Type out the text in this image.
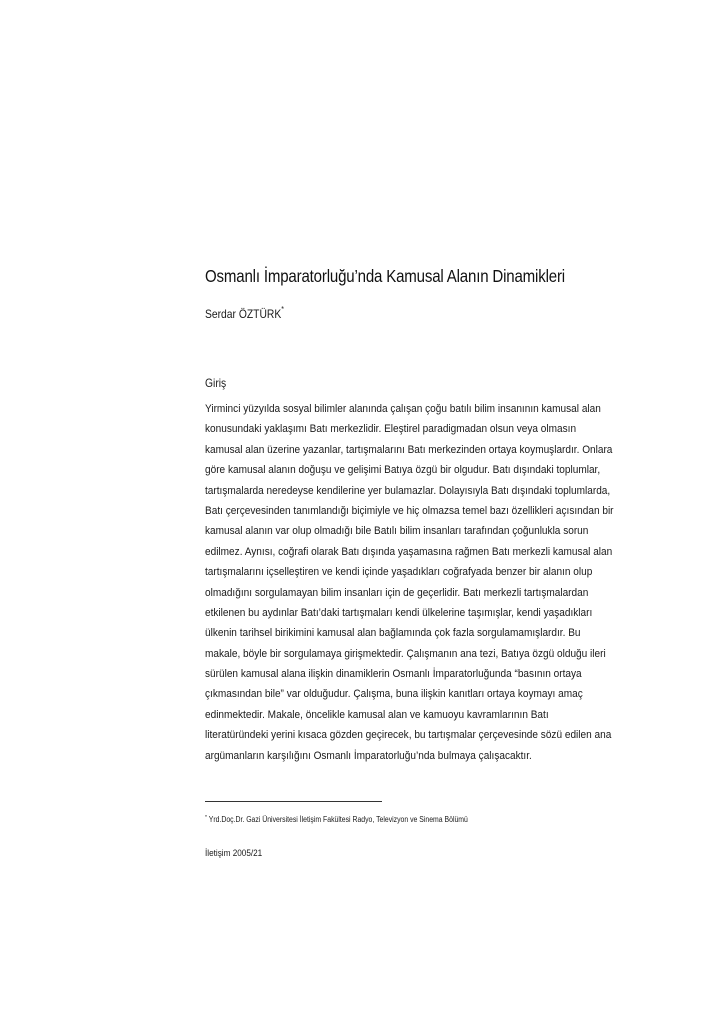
Osmanlı İmparatorluğu’nda Kamusal Alanın Dinamikleri
Serdar ÖZTÜRK*
Giriş
Yirminci yüzyılda sosyal bilimler alanında çalışan çoğu batılı bilim insanının kamusal alan
konusundaki yaklaşımı Batı merkezlidir. Eleştirel paradigmadan olsun veya olmasın
kamusal alan üzerine yazanlar, tartışmalarını Batı merkezinden ortaya koymuşlardır. Onlara
göre kamusal alanın doğuşu ve gelişimi Batıya özgü bir olgudur. Batı dışındaki toplumlar,
tartışmalarda neredeyse kendilerine yer bulamazlar. Dolayısıyla Batı dışındaki toplumlarda,
Batı çerçevesinden tanımlandığı biçimiyle ve hiç olmazsa temel bazı özellikleri açısından bir
kamusal alanın var olup olmadığı bile Batılı bilim insanları tarafından çoğunlukla sorun
edilmez. Aynısı, coğrafi olarak Batı dışında yaşamasına rağmen Batı merkezli kamusal alan
tartışmalarını içselleştiren ve kendi içinde yaşadıkları coğrafyada benzer bir alanın olup
olmadığını sorgulamayan bilim insanları için de geçerlidir. Batı merkezli tartışmalardan
etkilenen bu aydınlar Batı’daki tartışmaları kendi ülkelerine taşımışlar, kendi yaşadıkları
ülkenin tarihsel birikimini kamusal alan bağlamında çok fazla sorgulamamışlardır. Bu
makale, böyle bir sorgulamaya girişmektedir. Çalışmanın ana tezi, Batıya özgü olduğu ileri
sürülen kamusal alana ilişkin dinamiklerin Osmanlı İmparatorluğunda “basının ortaya
çıkmasından bile” var olduğudur. Çalışma, buna ilişkin kanıtları ortaya koymayı amaç
edinmektedir. Makale, öncelikle kamusal alan ve kamuoyu kavramlarının Batı
literatüründeki yerini kısaca gözden geçirecek, bu tartışmalar çerçevesinde sözü edilen ana
argümanların karşılığını Osmanlı İmparatorluğu’nda bulmaya çalışacaktır.
* Yrd.Doç.Dr. Gazi Üniversitesi İletişim Fakültesi Radyo, Televizyon ve Sinema Bölümü
İletişim 2005/21
